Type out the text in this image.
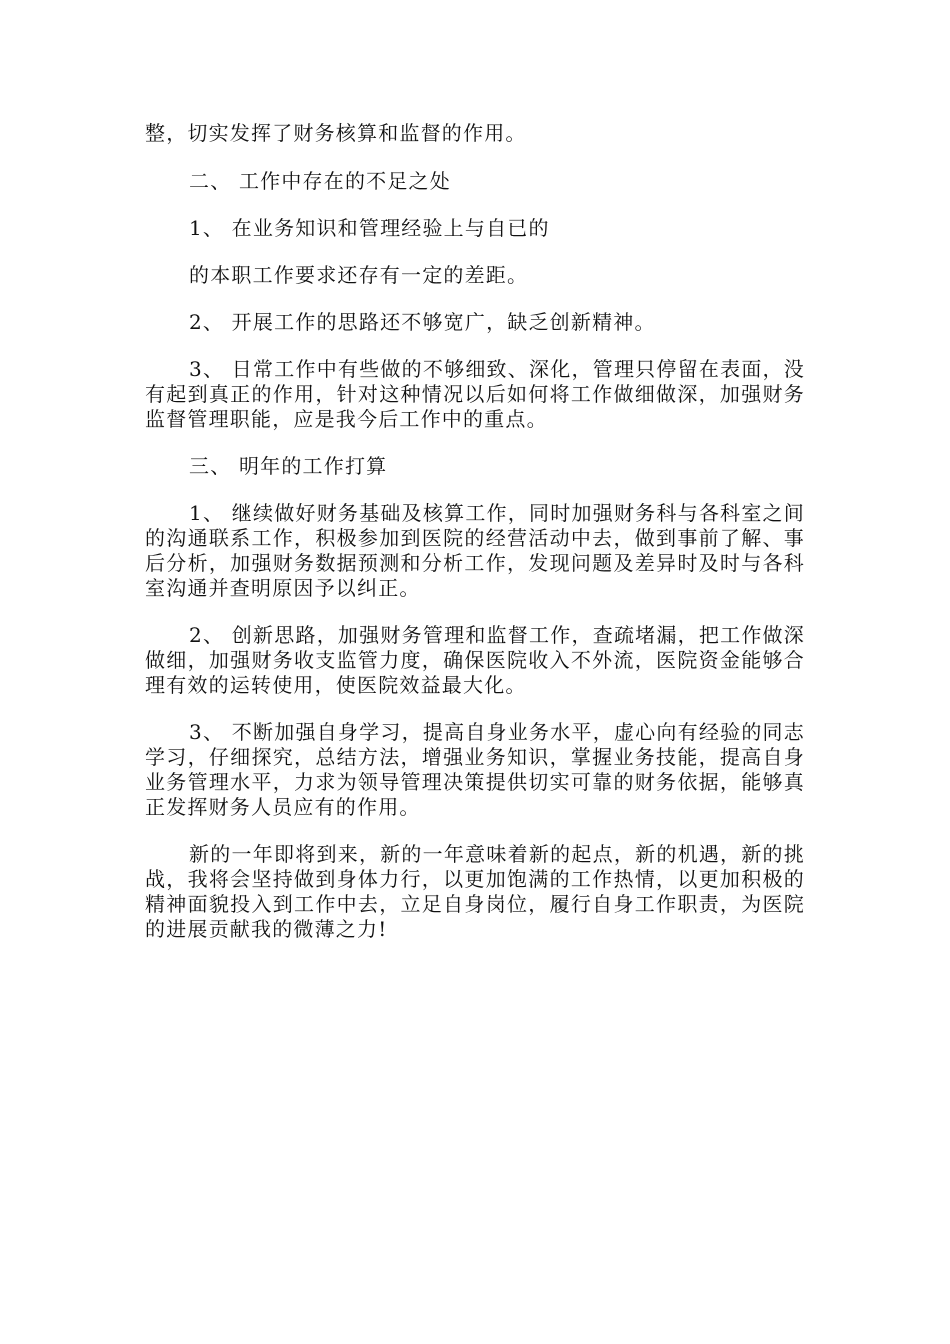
整，切实发挥了财务核算和监督的作用。

二、 工作中存在的不足之处

1、 在业务知识和管理经验上与自已的

的本职工作要求还存有一定的差距。

2、 开展工作的思路还不够宽广，缺乏创新精神。

3、 日常工作中有些做的不够细致、深化，管理只停留在表面，没有起到真正的作用，针对这种情况以后如何将工作做细做深，加强财务监督管理职能，应是我今后工作中的重点。

三、 明年的工作打算

1、 继续做好财务基础及核算工作，同时加强财务科与各科室之间的沟通联系工作，积极参加到医院的经营活动中去，做到事前了解、事后分析，加强财务数据预测和分析工作，发现问题及差异时及时与各科室沟通并查明原因予以纠正。

2、 创新思路，加强财务管理和监督工作，查疏堵漏，把工作做深做细，加强财务收支监管力度，确保医院收入不外流，医院资金能够合理有效的运转使用，使医院效益最大化。

3、 不断加强自身学习，提高自身业务水平，虚心向有经验的同志学习，仔细探究，总结方法，增强业务知识，掌握业务技能，提高自身业务管理水平，力求为领导管理决策提供切实可靠的财务依据，能够真正发挥财务人员应有的作用。

新的一年即将到来，新的一年意味着新的起点，新的机遇，新的挑战，我将会坚持做到身体力行，以更加饱满的工作热情，以更加积极的精神面貌投入到工作中去，立足自身岗位，履行自身工作职责，为医院的进展贡献我的微薄之力!
